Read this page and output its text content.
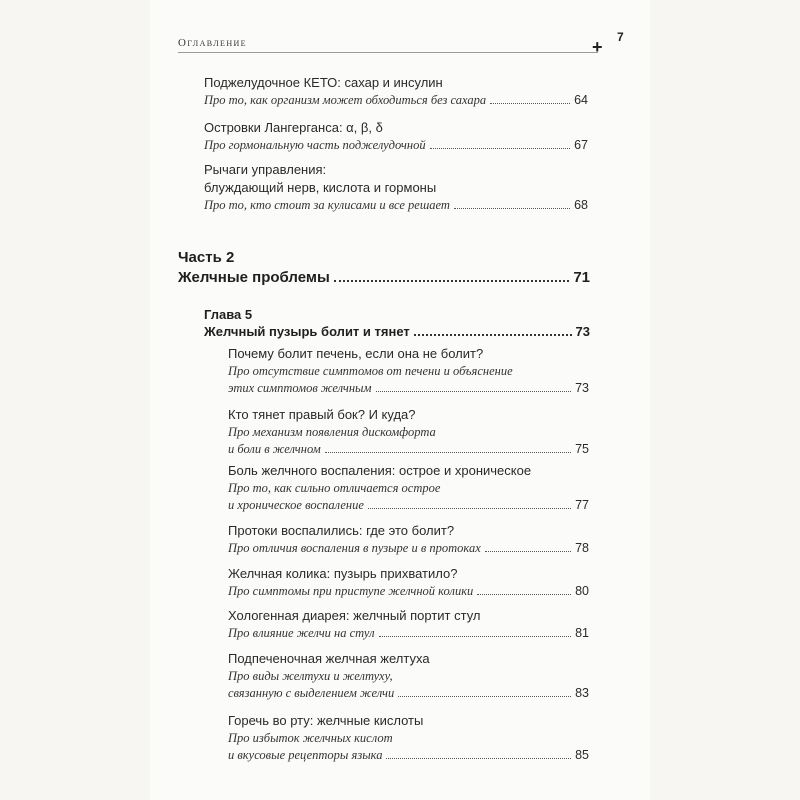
Оглавление	+ 7
Поджелудочное КЕТО: сахар и инсулин
Про то, как организм может обходиться без сахара	64
Островки Лангерганса: α, β, δ
Про гормональную часть поджелудочной	67
Рычаги управления:
блуждающий нерв, кислота и гормоны
Про то, кто стоит за кулисами и все решает	68
Часть 2
Желчные проблемы	71
Глава 5
Желчный пузырь болит и тянет	73
Почему болит печень, если она не болит?
Про отсутствие симптомов от печени и объяснение
этих симптомов желчным	73
Кто тянет правый бок? И куда?
Про механизм появления дискомфорта
и боли в желчном	75
Боль желчного воспаления: острое и хроническое
Про то, как сильно отличается острое
и хроническое воспаление	77
Протоки воспалились: где это болит?
Про отличия воспаления в пузыре и в протоках	78
Желчная колика: пузырь прихватило?
Про симптомы при приступе желчной колики	80
Хологенная диарея: желчный портит стул
Про влияние желчи на стул	81
Подпеченочная желчная желтуха
Про виды желтухи и желтуху,
связанную с выделением желчи	83
Горечь во рту: желчные кислоты
Про избыток желчных кислот
и вкусовые рецепторы языка	85
